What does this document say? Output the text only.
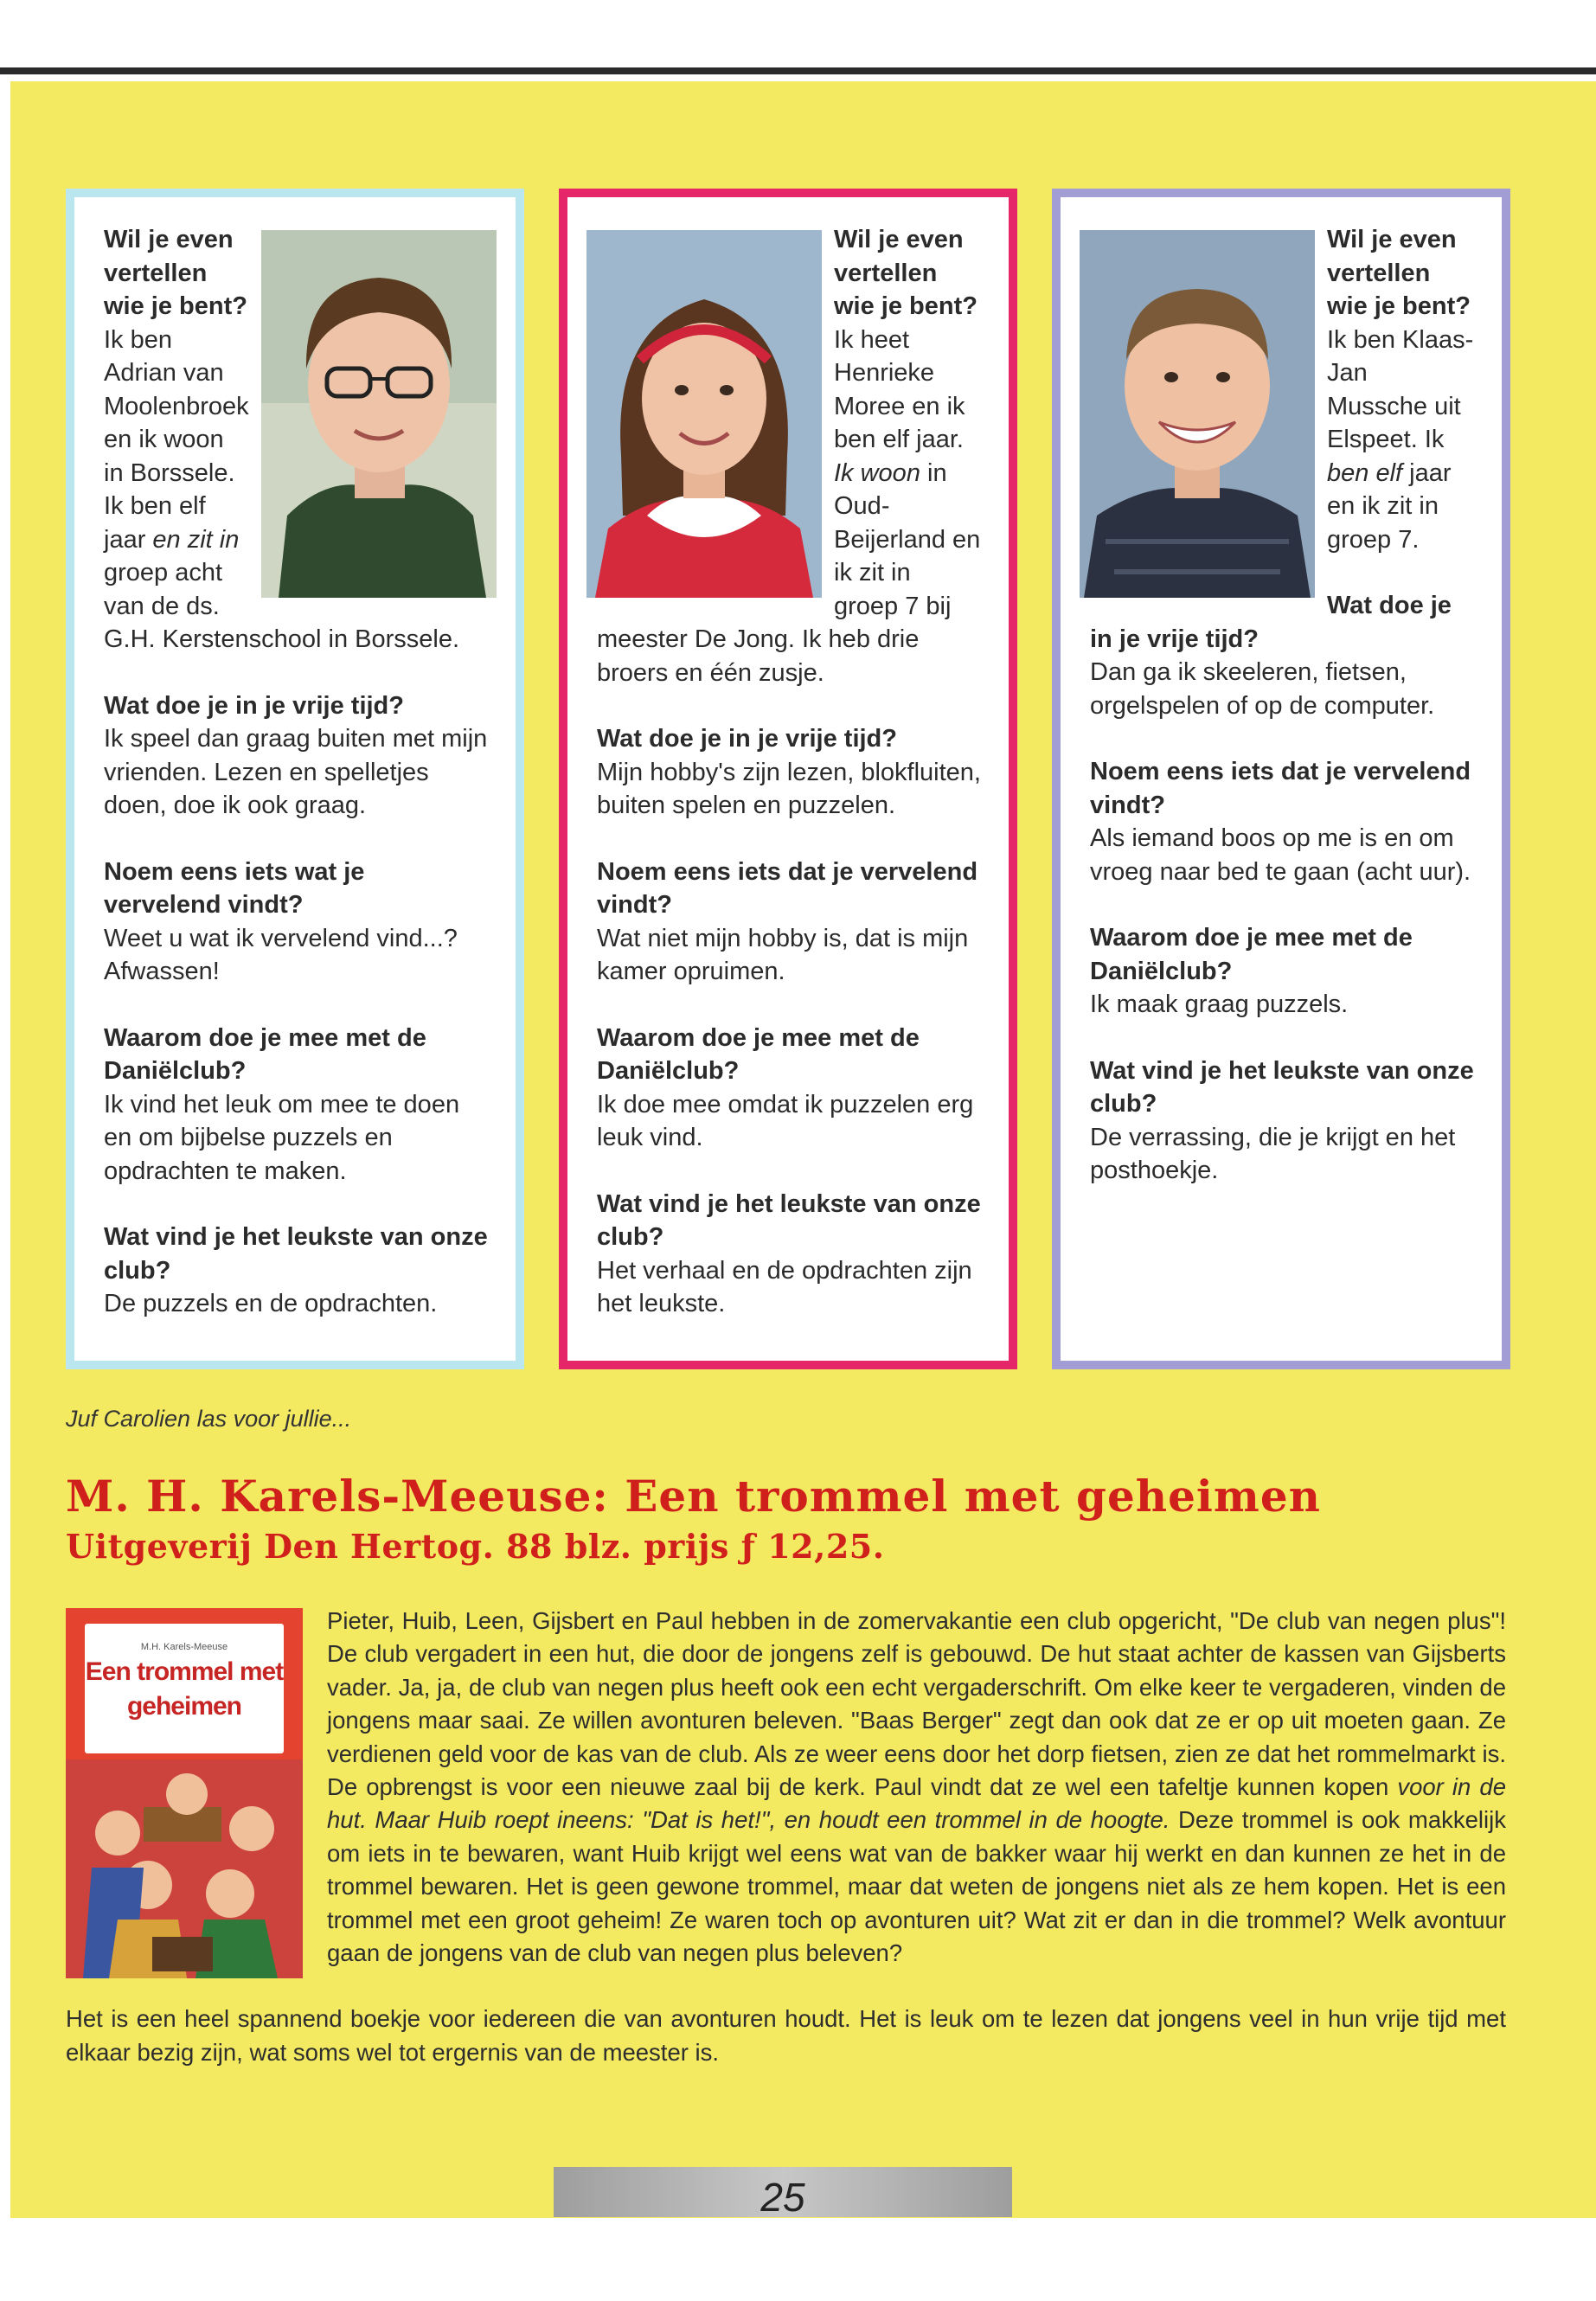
Wil je even vertellen wie je bent?
Ik ben Adrian van Moolenbroek en ik woon in Borssele. Ik ben elf jaar en zit in groep acht van de ds. G.H. Kerstenschool in Borssele.

Wat doe je in je vrije tijd?
Ik speel dan graag buiten met mijn vrienden. Lezen en spelletjes doen, doe ik ook graag.

Noem eens iets wat je vervelend vindt?
Weet u wat ik vervelend vind...? Afwassen!

Waarom doe je mee met de Daniëlclub?
Ik vind het leuk om mee te doen en om bijbelse puzzels en opdrachten te maken.

Wat vind je het leukste van onze club?
De puzzels en de opdrachten.

Wil je even vertellen wie je bent?
Ik heet Henrieke Moree en ik ben elf jaar. Ik woon in Oud-Beijerland en ik zit in groep 7 bij meester De Jong. Ik heb drie broers en één zusje.

Wat doe je in je vrije tijd?
Mijn hobby's zijn lezen, blokfluiten, buiten spelen en puzzelen.

Noem eens iets dat je vervelend vindt?
Wat niet mijn hobby is, dat is mijn kamer opruimen.

Waarom doe je mee met de Daniëlclub?
Ik doe mee omdat ik puzzelen erg leuk vind.

Wat vind je het leukste van onze club?
Het verhaal en de opdrachten zijn het leukste.

Wil je even vertellen wie je bent?
Ik ben Klaas-Jan Mussche uit Elspeet. Ik ben elf jaar en ik zit in groep 7.

Wat doe je in je vrije tijd?
Dan ga ik skeeleren, fietsen, orgelspelen of op de computer.

Noem eens iets dat je vervelend vindt?
Als iemand boos op me is en om vroeg naar bed te gaan (acht uur).

Waarom doe je mee met de Daniëlclub?
Ik maak graag puzzels.

Wat vind je het leukste van onze club?
De verrassing, die je krijgt en het posthoekje.

Juf Carolien las voor jullie...
M. H. Karels-Meeuse: Een trommel met geheimen
Uitgeverij Den Hertog. 88 blz. prijs ƒ 12,25.
M.H. Karels-Meeuse
Een trommel met geheimen

Pieter, Huib, Leen, Gijsbert en Paul hebben in de zomervakantie een club opgericht, "De club van negen plus"! De club vergadert in een hut, die door de jongens zelf is gebouwd. De hut staat achter de kassen van Gijsberts vader. Ja, ja, de club van negen plus heeft ook een echt vergaderschrift. Om elke keer te vergaderen, vinden de jongens maar saai. Ze willen avonturen beleven. "Baas Berger" zegt dan ook dat ze er op uit moeten gaan. Ze verdienen geld voor de kas van de club. Als ze weer eens door het dorp fietsen, zien ze dat het rommelmarkt is. De opbrengst is voor een nieuwe zaal bij de kerk. Paul vindt dat ze wel een tafeltje kunnen kopen voor in de hut. Maar Huib roept ineens: "Dat is het!", en houdt een trommel in de hoogte. Deze trommel is ook makkelijk om iets in te bewaren, want Huib krijgt wel eens wat van de bakker waar hij werkt en dan kunnen ze het in de trommel bewaren. Het is geen gewone trommel, maar dat weten de jongens niet als ze hem kopen. Het is een trommel met een groot geheim! Ze waren toch op avonturen uit? Wat zit er dan in die trommel? Welk avontuur gaan de jongens van de club van negen plus beleven?

Het is een heel spannend boekje voor iedereen die van avonturen houdt. Het is leuk om te lezen dat jongens veel in hun vrije tijd met elkaar bezig zijn, wat soms wel tot ergernis van de meester is.

25
